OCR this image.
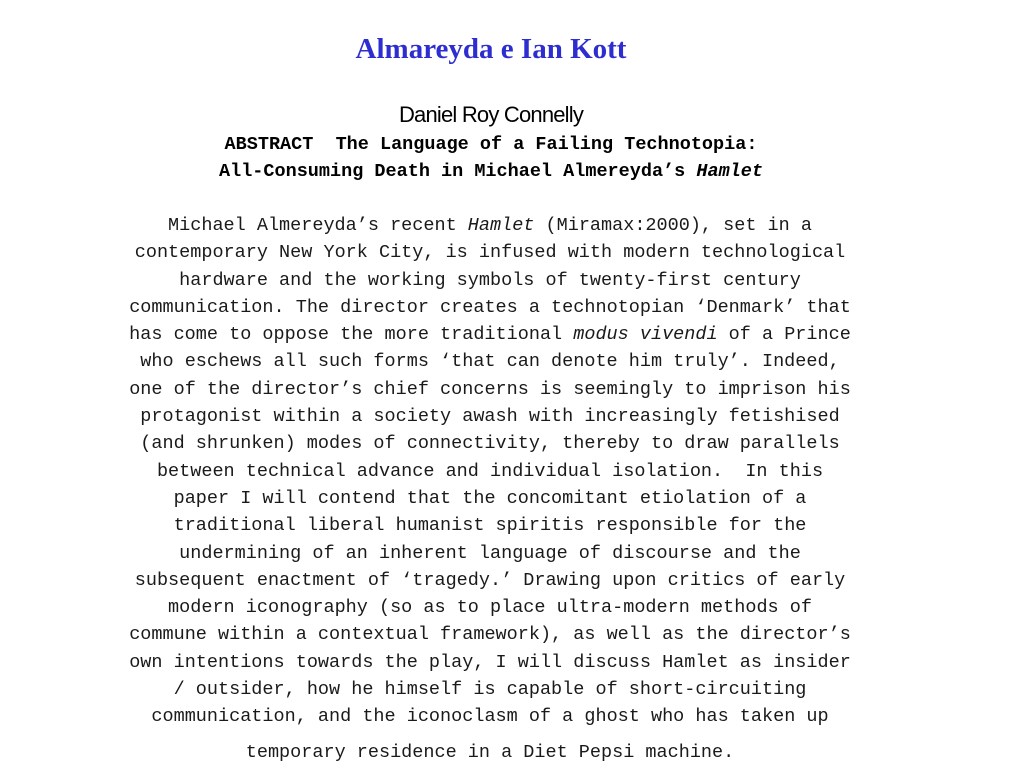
Almareyda e Ian Kott
Daniel Roy Connelly
ABSTRACT  The Language of a Failing Technotopia:
All-Consuming Death in Michael Almereyda’s Hamlet
Michael Almereyda’s recent Hamlet (Miramax:2000), set in a
contemporary New York City, is infused with modern technological
hardware and the working symbols of twenty-first century
communication. The director creates a technotopian ‘Denmark’ that
has come to oppose the more traditional modus vivendi of a Prince
who eschews all such forms ‘that can denote him truly’. Indeed,
one of the director’s chief concerns is seemingly to imprison his
protagonist within a society awash with increasingly fetishised
(and shrunken) modes of connectivity, thereby to draw parallels
between technical advance and individual isolation.  In this
paper I will contend that the concomitant etiolation of a
traditional liberal humanist spiritis responsible for the
undermining of an inherent language of discourse and the
subsequent enactment of ‘tragedy.’ Drawing upon critics of early
modern iconography (so as to place ultra-modern methods of
commune within a contextual framework), as well as the director’s
own intentions towards the play, I will discuss Hamlet as insider
/ outsider, how he himself is capable of short-circuiting
communication, and the iconoclasm of a ghost who has taken up
temporary residence in a Diet Pepsi machine.
